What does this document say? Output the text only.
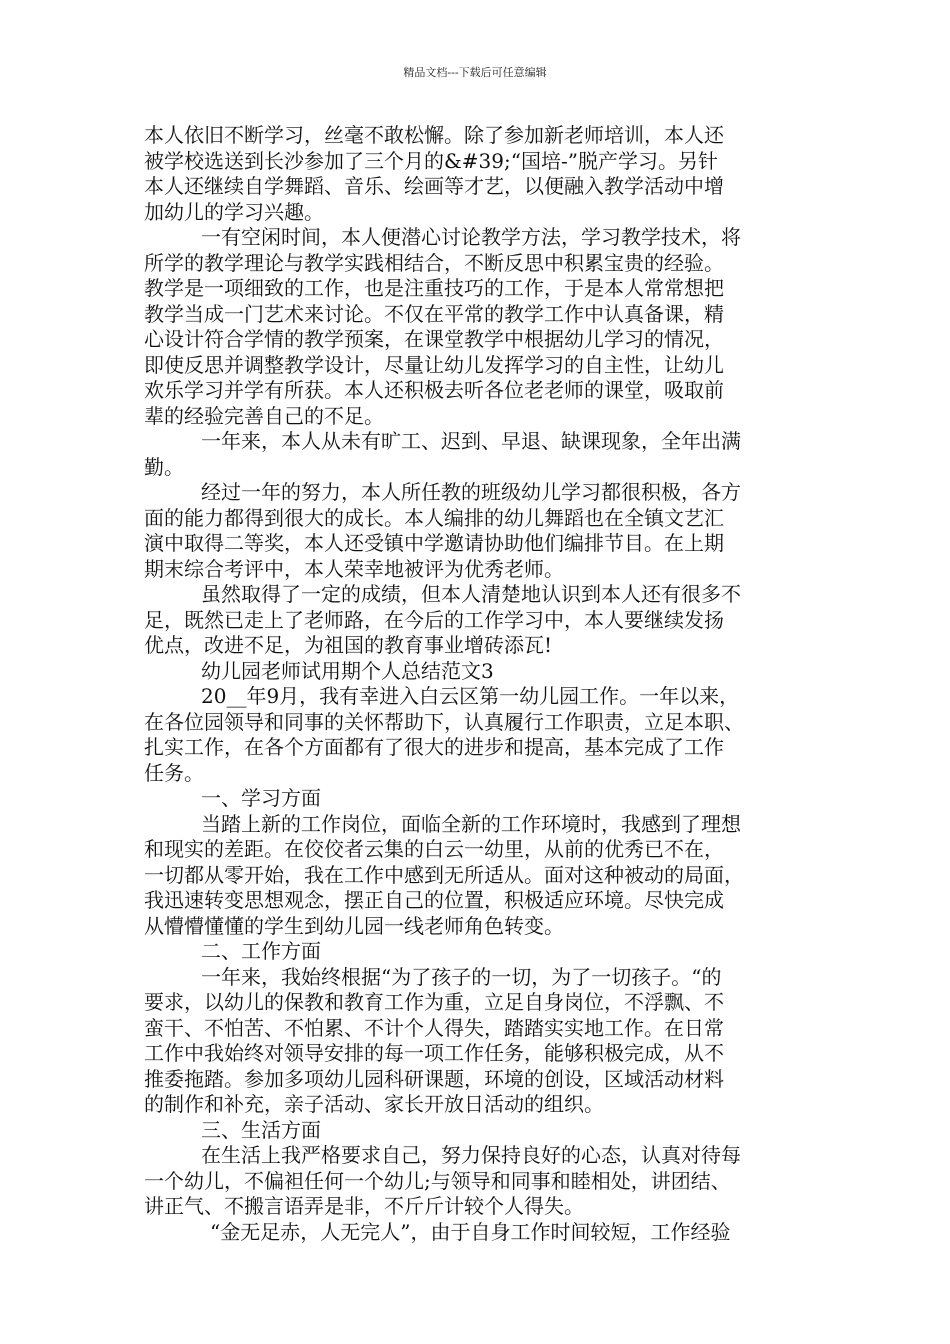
精品文档---下载后可任意编辑
本人依旧不断学习，丝毫不敢松懈。除了参加新老师培训，本人还
被学校选送到长沙参加了三个月的&#39;“国培-”脱产学习。另针
本人还继续自学舞蹈、音乐、绘画等才艺，以便融入教学活动中增
加幼儿的学习兴趣。
一有空闲时间，本人便潜心讨论教学方法，学习教学技术，将
所学的教学理论与教学实践相结合，不断反思中积累宝贵的经验。
教学是一项细致的工作，也是注重技巧的工作，于是本人常常想把
教学当成一门艺术来讨论。不仅在平常的教学工作中认真备课，精
心设计符合学情的教学预案，在课堂教学中根据幼儿学习的情况，
即使反思并调整教学设计，尽量让幼儿发挥学习的自主性，让幼儿
欢乐学习并学有所获。本人还积极去听各位老老师的课堂，吸取前
辈的经验完善自己的不足。
一年来，本人从未有旷工、迟到、早退、缺课现象，全年出满
勤。
经过一年的努力，本人所任教的班级幼儿学习都很积极，各方
面的能力都得到很大的成长。本人编排的幼儿舞蹈也在全镇文艺汇
演中取得二等奖，本人还受镇中学邀请协助他们编排节目。在上期
期末综合考评中，本人荣幸地被评为优秀老师。
虽然取得了一定的成绩，但本人清楚地认识到本人还有很多不
足，既然已走上了老师路，在今后的工作学习中，本人要继续发扬
优点，改进不足，为祖国的教育事业增砖添瓦!
幼儿园老师试用期个人总结范文3
20__年9月，我有幸进入白云区第一幼儿园工作。一年以来，
在各位园领导和同事的关怀帮助下，认真履行工作职责，立足本职、
扎实工作，在各个方面都有了很大的进步和提高，基本完成了工作
任务。
一、学习方面
当踏上新的工作岗位，面临全新的工作环境时，我感到了理想
和现实的差距。在佼佼者云集的白云一幼里，从前的优秀已不在，
一切都从零开始，我在工作中感到无所适从。面对这种被动的局面，
我迅速转变思想观念，摆正自己的位置，积极适应环境。尽快完成
从懵懵懂懂的学生到幼儿园一线老师角色转变。
二、工作方面
一年来，我始终根据“为了孩子的一切，为了一切孩子。“的
要求，以幼儿的保教和教育工作为重，立足自身岗位，不浮飘、不
蛮干、不怕苦、不怕累、不计个人得失，踏踏实实地工作。在日常
工作中我始终对领导安排的每一项工作任务，能够积极完成，从不
推委拖踏。参加多项幼儿园科研课题，环境的创设，区域活动材料
的制作和补充，亲子活动、家长开放日活动的组织。
三、生活方面
在生活上我严格要求自己，努力保持良好的心态，认真对待每
一个幼儿，不偏袒任何一个幼儿;与领导和同事和睦相处，讲团结、
讲正气、不搬言语弄是非，不斤斤计较个人得失。
“金无足赤，人无完人”，由于自身工作时间较短，工作经验
